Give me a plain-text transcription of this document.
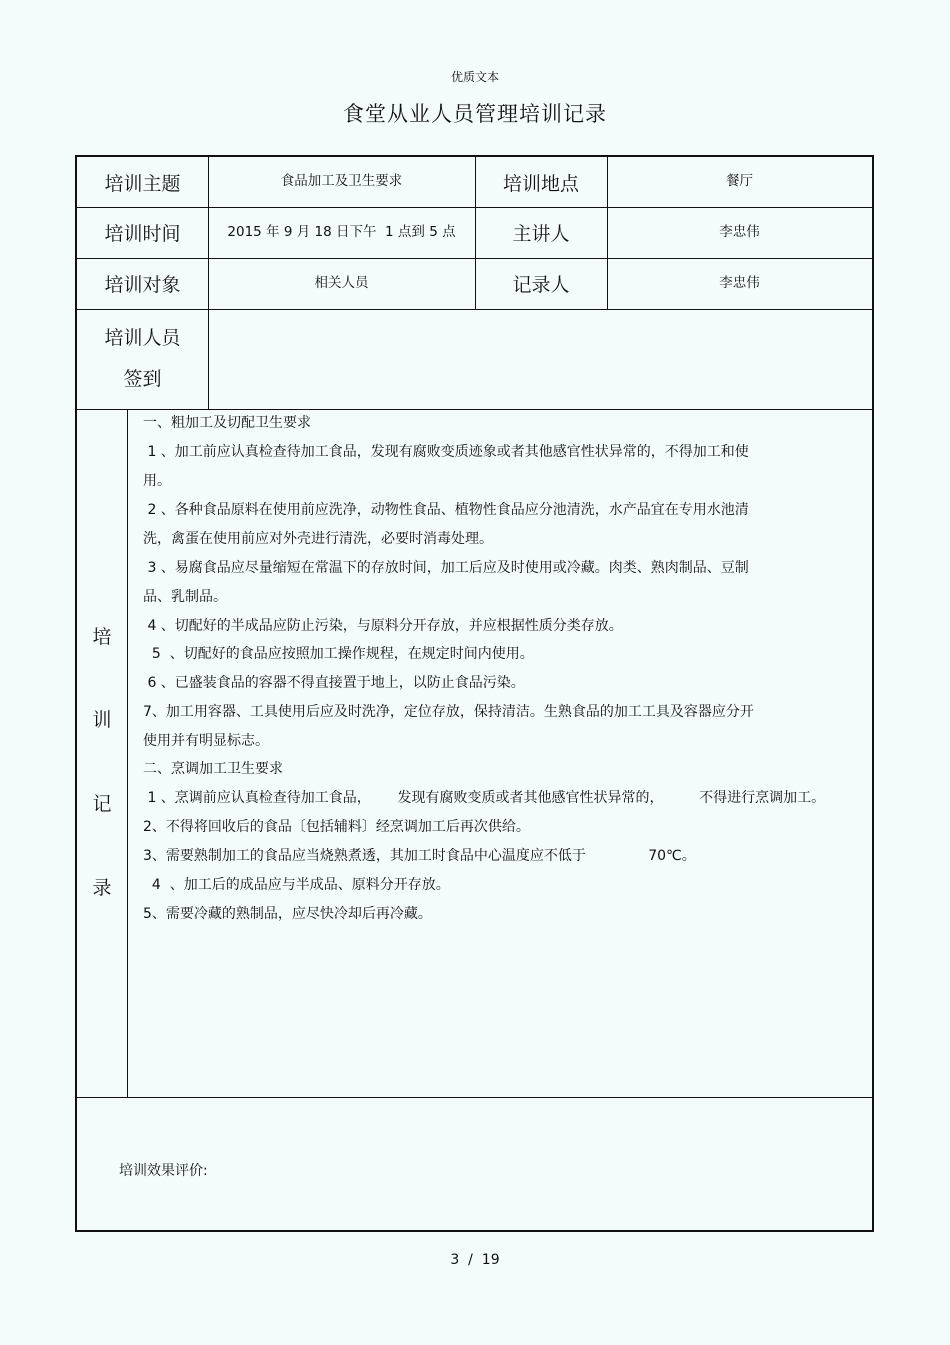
优质文本
食堂从业人员管理培训记录
培训主题	食品加工及卫生要求	培训地点	餐厅
培训时间	2015 年 9 月 18 日下午  1 点到 5 点	主讲人	李忠伟
培训对象	相关人员	记录人	李忠伟
培训人员
签到
培
训
记
录
一、粗加工及切配卫生要求
1 、加工前应认真检查待加工食品，发现有腐败变质迹象或者其他感官性状异常的，不得加工和使
用。
2 、各种食品原料在使用前应洗净，动物性食品、植物性食品应分池清洗，水产品宜在专用水池清
洗，禽蛋在使用前应对外壳进行清洗，必要时消毒处理。
3 、易腐食品应尽量缩短在常温下的存放时间，加工后应及时使用或冷藏。肉类、熟肉制品、豆制
品、乳制品。
4 、切配好的半成品应防止污染，与原料分开存放，并应根据性质分类存放。
5  、切配好的食品应按照加工操作规程，在规定时间内使用。
6 、已盛装食品的容器不得直接置于地上，以防止食品污染。
7、加工用容器、工具使用后应及时洗净，定位存放，保持清洁。生熟食品的加工工具及容器应分开
使用并有明显标志。
二、烹调加工卫生要求
1 、烹调前应认真检查待加工食品，      发现有腐败变质或者其他感官性状异常的，        不得进行烹调加工。
2、不得将回收后的食品〔包括辅料〕经烹调加工后再次供给。
3、需要熟制加工的食品应当烧熟煮透，其加工时食品中心温度应不低于              70℃。
4  、加工后的成品应与半成品、原料分开存放。
5、需要冷藏的熟制品，应尽快冷却后再冷藏。
培训效果评价:
3  /  19
